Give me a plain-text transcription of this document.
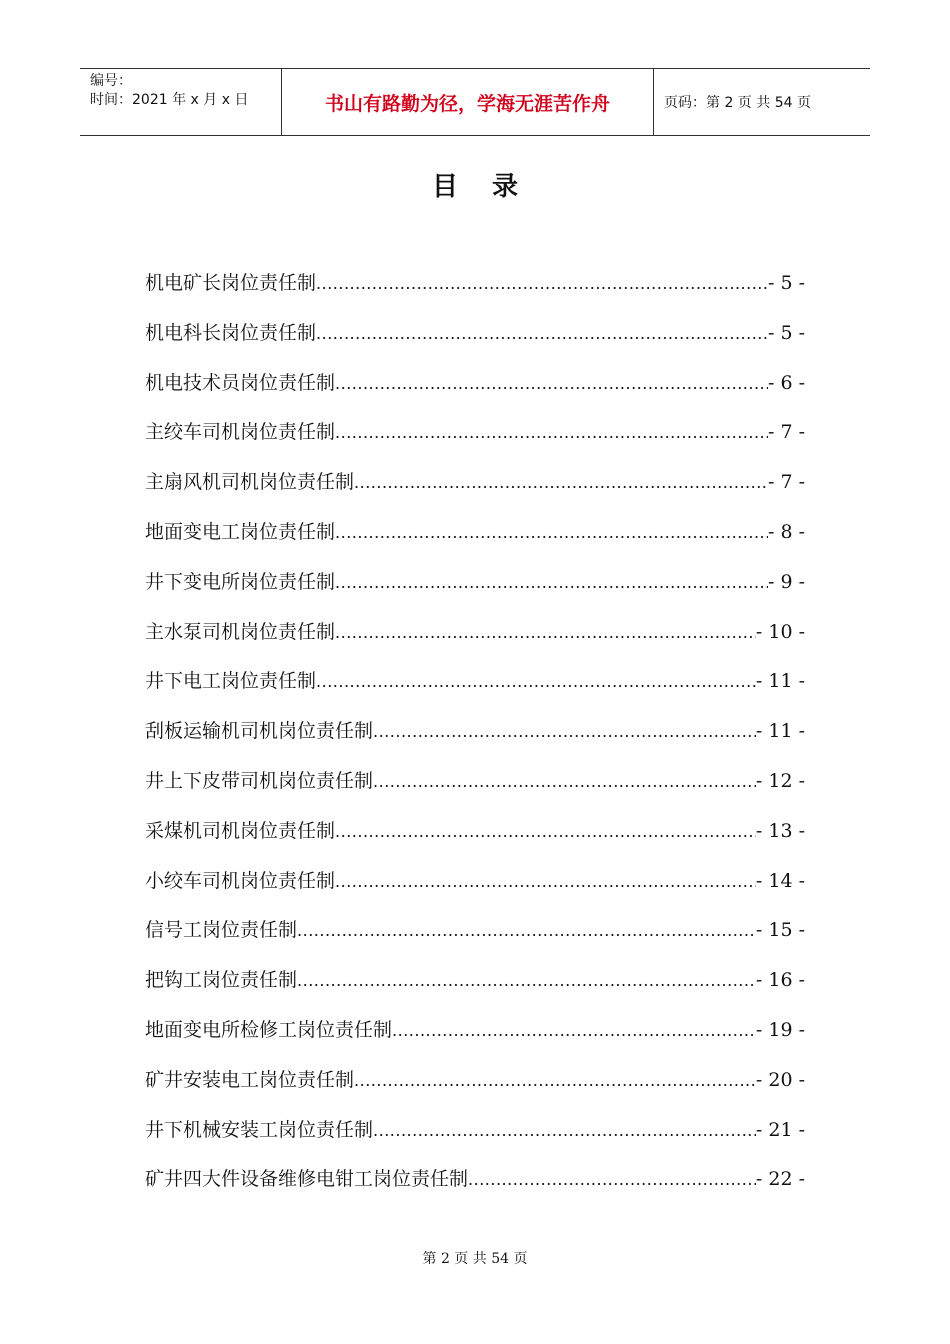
编号：
时间：2021 年 x 月 x 日	书山有路勤为径，学海无涯苦作舟	页码：第 2 页 共 54 页
目录
机电矿长岗位责任制 .....	- 5 -
机电科长岗位责任制 .....	- 5 -
机电技术员岗位责任制 .....	- 6 -
主绞车司机岗位责任制 .....	- 7 -
主扇风机司机岗位责任制 .....	- 7 -
地面变电工岗位责任制 .....	- 8 -
井下变电所岗位责任制 .....	- 9 -
主水泵司机岗位责任制 .....	- 10 -
井下电工岗位责任制 .....	- 11 -
刮板运输机司机岗位责任制 .....	- 11 -
井上下皮带司机岗位责任制 .....	- 12 -
采煤机司机岗位责任制 .....	- 13 -
小绞车司机岗位责任制 .....	- 14 -
信号工岗位责任制 .....	- 15 -
把钩工岗位责任制 .....	- 16 -
地面变电所检修工岗位责任制 .....	- 19 -
矿井安装电工岗位责任制 .....	- 20 -
井下机械安装工岗位责任制 .....	- 21 -
矿井四大件设备维修电钳工岗位责任制 .....	- 22 -
第 2 页 共 54 页
